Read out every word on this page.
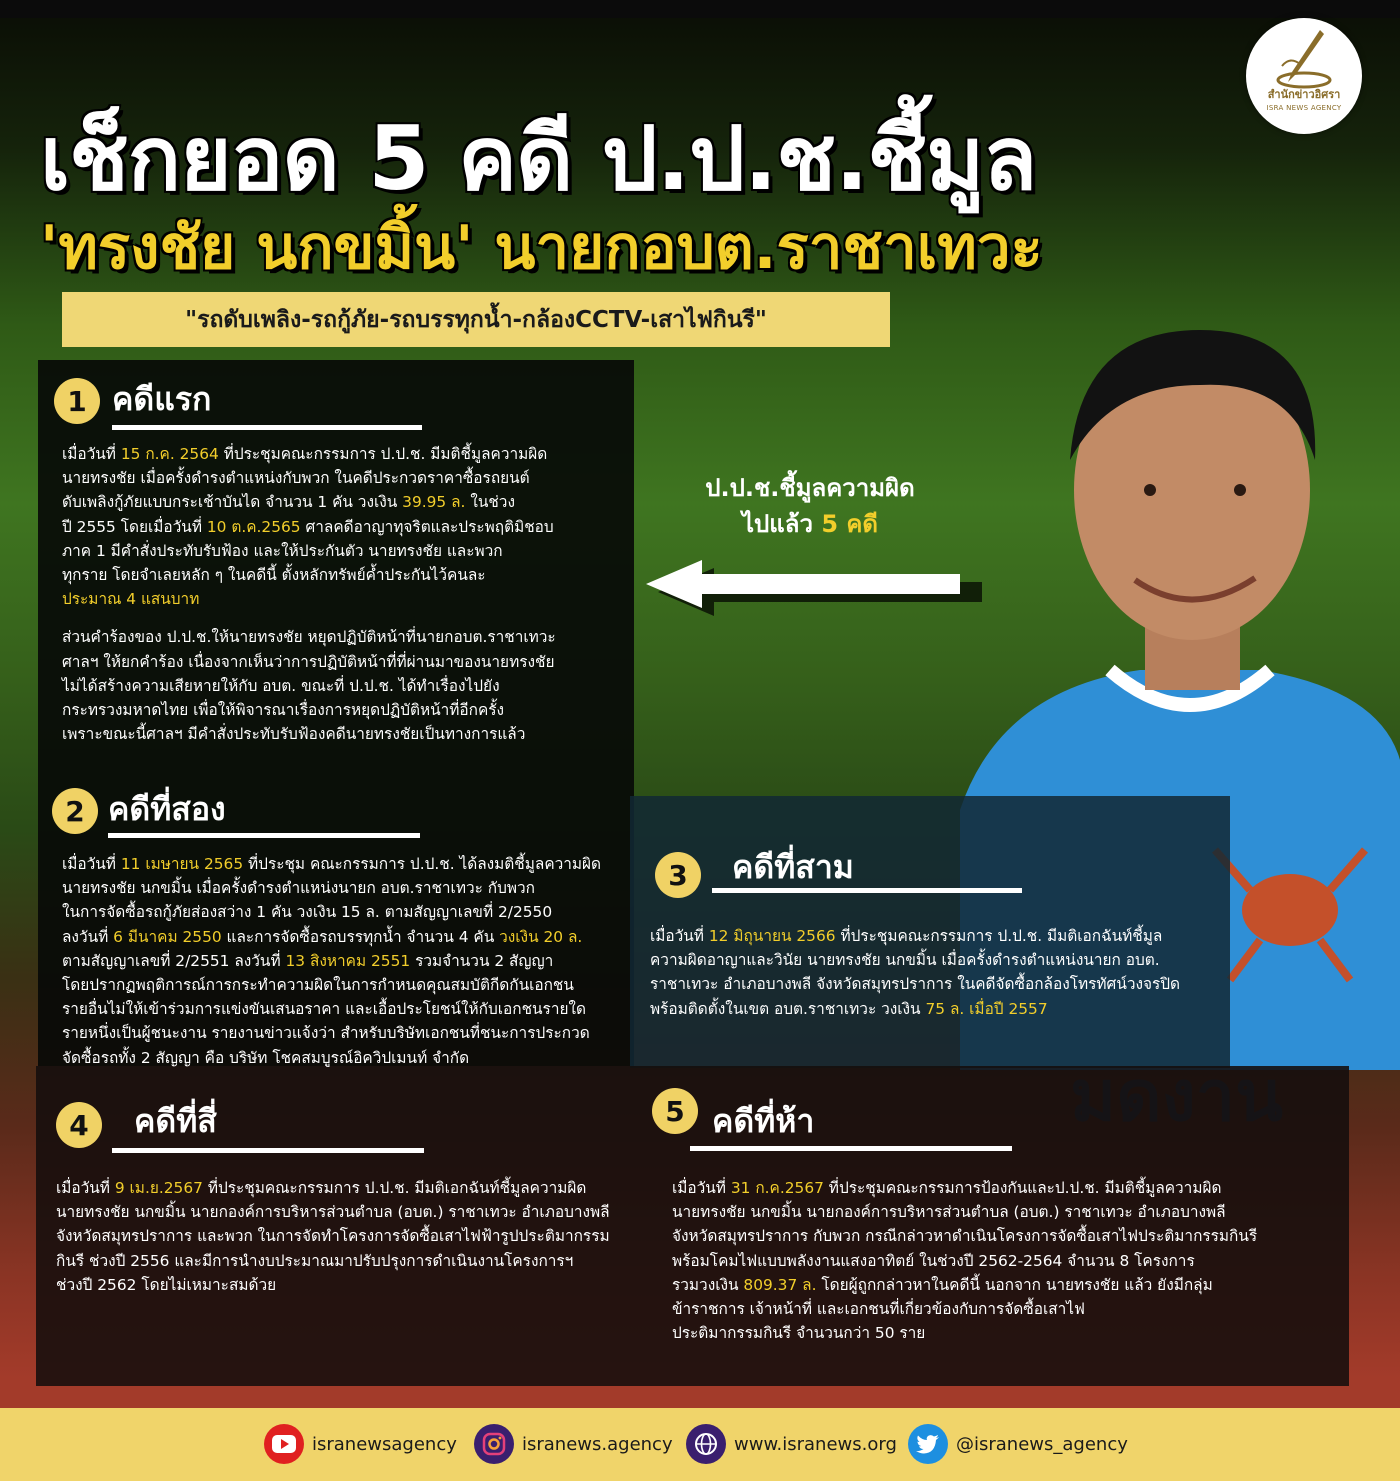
สำนักข่าวอิศรา
ISRA NEWS AGENCY
เช็กยอด 5 คดี ป.ป.ช.ชี้มูล
'ทรงชัย นกขมิ้น' นายกอบต.ราชาเทวะ
"รถดับเพลิง-รถกู้ภัย-รถบรรทุกน้ำ-กล้องCCTV-เสาไฟกินรี"
ป.ป.ช.ชี้มูลความผิด
ไปแล้ว 5 คดี
1 คดีแรก
เมื่อวันที่ 15 ก.ค. 2564 ที่ประชุมคณะกรรมการ ป.ป.ช. มีมติชี้มูลความผิด
นายทรงชัย เมื่อครั้งดำรงตำแหน่งกับพวก ในคดีประกวดราคาซื้อรถยนต์
ดับเพลิงกู้ภัยแบบกระเช้าบันได จำนวน 1 คัน วงเงิน 39.95 ล. ในช่วง
ปี 2555 โดยเมื่อวันที่ 10 ต.ค.2565 ศาลคดีอาญาทุจริตและประพฤติมิชอบ
ภาค 1 มีคำสั่งประทับรับฟ้อง และให้ประกันตัว นายทรงชัย และพวก
ทุกราย โดยจำเลยหลัก ๆ ในคดีนี้ ตั้งหลักทรัพย์ค้ำประกันไว้คนละ
ประมาณ 4 แสนบาท
ส่วนคำร้องของ ป.ป.ช.ให้นายทรงชัย หยุดปฏิบัติหน้าที่นายกอบต.ราชาเทวะ
ศาลฯ ให้ยกคำร้อง เนื่องจากเห็นว่าการปฏิบัติหน้าที่ที่ผ่านมาของนายทรงชัย
ไม่ได้สร้างความเสียหายให้กับ อบต. ขณะที่ ป.ป.ช. ได้ทำเรื่องไปยัง
กระทรวงมหาดไทย เพื่อให้พิจารณาเรื่องการหยุดปฏิบัติหน้าที่อีกครั้ง
เพราะขณะนี้ศาลฯ มีคำสั่งประทับรับฟ้องคดีนายทรงชัยเป็นทางการแล้ว
2 คดีที่สอง
เมื่อวันที่ 11 เมษายน 2565 ที่ประชุม คณะกรรมการ ป.ป.ช. ได้ลงมติชี้มูลความผิด
นายทรงชัย นกขมิ้น เมื่อครั้งดำรงตำแหน่งนายก อบต.ราชาเทวะ กับพวก
ในการจัดซื้อรถกู้ภัยส่องสว่าง 1 คัน วงเงิน 15 ล. ตามสัญญาเลขที่ 2/2550
ลงวันที่ 6 มีนาคม 2550 และการจัดซื้อรถบรรทุกน้ำ จำนวน 4 คัน วงเงิน 20 ล.
ตามสัญญาเลขที่ 2/2551 ลงวันที่ 13 สิงหาคม 2551 รวมจำนวน 2 สัญญา
โดยปรากฏพฤติการณ์การกระทำความผิดในการกำหนดคุณสมบัติกีดกันเอกชน
รายอื่นไม่ให้เข้าร่วมการแข่งขันเสนอราคา และเอื้อประโยชน์ให้กับเอกชนรายใด
รายหนึ่งเป็นผู้ชนะงาน รายงานข่าวแจ้งว่า สำหรับบริษัทเอกชนที่ชนะการประกวด
จัดซื้อรถทั้ง 2 สัญญา คือ บริษัท โชคสมบูรณ์อิควิปเมนท์ จำกัด
3	คดีที่สาม
เมื่อวันที่ 12 มิถุนายน 2566 ที่ประชุมคณะกรรมการ ป.ป.ช. มีมติเอกฉันท์ชี้มูล
ความผิดอาญาและวินัย นายทรงชัย นกขมิ้น เมื่อครั้งดำรงตำแหน่งนายก อบต.
ราชาเทวะ อำเภอบางพลี จังหวัดสมุทรปราการ ในคดีจัดซื้อกล้องโทรทัศน์วงจรปิด
พร้อมติดตั้งในเขต อบต.ราชาเทวะ วงเงิน 75 ล. เมื่อปี 2557
4	คดีที่สี่
เมื่อวันที่ 9 เม.ย.2567 ที่ประชุมคณะกรรมการ ป.ป.ช. มีมติเอกฉันท์ชี้มูลความผิด
นายทรงชัย นกขมิ้น นายกองค์การบริหารส่วนตำบล (อบต.) ราชาเทวะ อำเภอบางพลี
จังหวัดสมุทรปราการ และพวก ในการจัดทำโครงการจัดซื้อเสาไฟฟ้ารูปประติมากรรม
กินรี ช่วงปี 2556 และมีการนำงบประมาณมาปรับปรุงการดำเนินงานโครงการฯ
ช่วงปี 2562 โดยไม่เหมาะสมด้วย
5 คดีที่ห้า
เมื่อวันที่ 31 ก.ค.2567 ที่ประชุมคณะกรรมการป้องกันและป.ป.ช. มีมติชี้มูลความผิด
นายทรงชัย นกขมิ้น นายกองค์การบริหารส่วนตำบล (อบต.) ราชาเทวะ อำเภอบางพลี
จังหวัดสมุทรปราการ กับพวก กรณีกล่าวหาดำเนินโครงการจัดซื้อเสาไฟประติมากรรมกินรี
พร้อมโคมไฟแบบพลังงานแสงอาทิตย์ ในช่วงปี 2562-2564 จำนวน 8 โครงการ
รวมวงเงิน 809.37 ล. โดยผู้ถูกกล่าวหาในคดีนี้ นอกจาก นายทรงชัย แล้ว ยังมีกลุ่ม
ข้าราชการ เจ้าหน้าที่ และเอกชนที่เกี่ยวข้องกับการจัดซื้อเสาไฟ
ประติมากรรมกินรี จำนวนกว่า 50 ราย
isranewsagency	isranews.agency	www.isranews.org	@isranews_agency
